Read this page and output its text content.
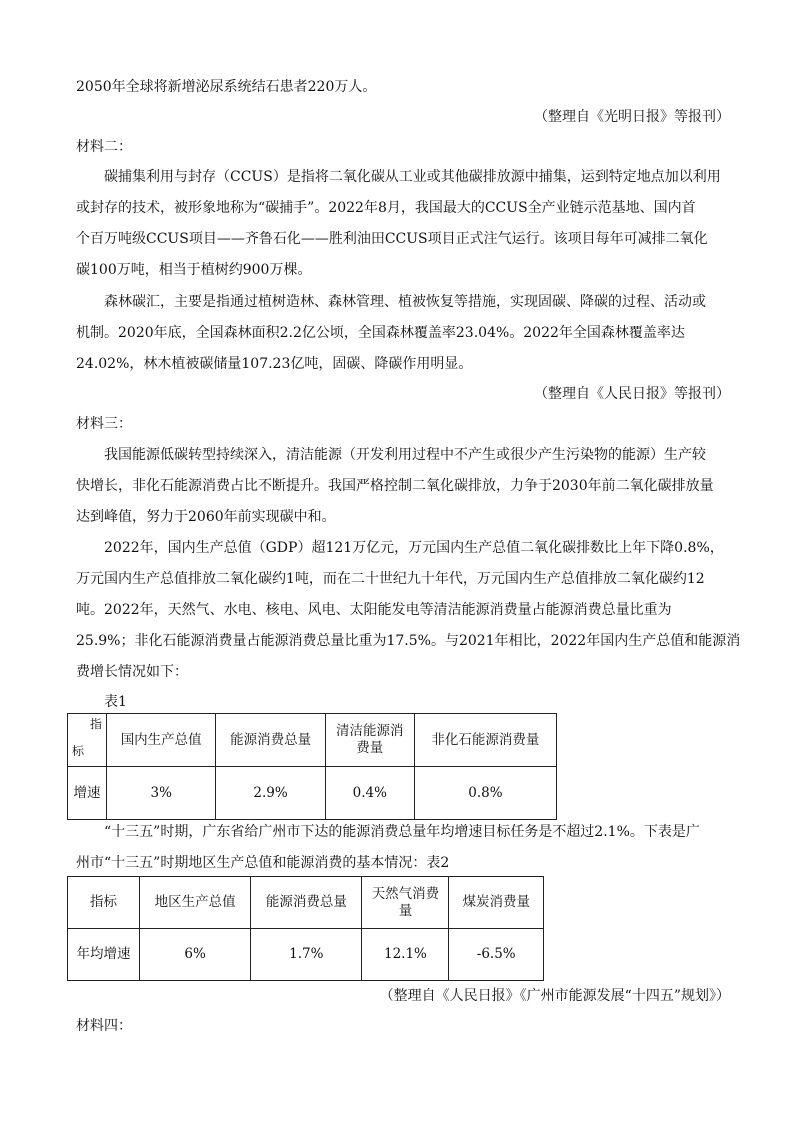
2050年全球将新增泌尿系统结石患者220万人。
（整理自《光明日报》等报刊）
材料二：
碳捕集利用与封存（CCUS）是指将二氧化碳从工业或其他碳排放源中捕集，运到特定地点加以利用
或封存的技术，被形象地称为“碳捕手”。2022年8月，我国最大的CCUS全产业链示范基地、国内首
个百万吨级CCUS项目——齐鲁石化——胜利油田CCUS项目正式注气运行。该项目每年可减排二氧化
碳100万吨，相当于植树约900万棵。
森林碳汇，主要是指通过植树造林、森林管理、植被恢复等措施，实现固碳、降碳的过程、活动或
机制。2020年底，全国森林面积2.2亿公顷，全国森林覆盖率23.04%。2022年全国森林覆盖率达
24.02%，林木植被碳储量107.23亿吨，固碳、降碳作用明显。
（整理自《人民日报》等报刊）
材料三：
我国能源低碳转型持续深入，清洁能源（开发利用过程中不产生或很少产生污染物的能源）生产较
快增长，非化石能源消费占比不断提升。我国严格控制二氧化碳排放，力争于2030年前二氧化碳排放量
达到峰值，努力于2060年前实现碳中和。
2022年，国内生产总值（GDP）超121万亿元，万元国内生产总值二氧化碳排数比上年下降0.8%，
万元国内生产总值排放二氧化碳约1吨，而在二十世纪九十年代，万元国内生产总值排放二氧化碳约12
吨。2022年，天然气、水电、核电、风电、太阳能发电等清洁能源消费量占能源消费总量比重为
25.9%；非化石能源消费量占能源消费总量比重为17.5%。与2021年相比，2022年国内生产总值和能源消
费增长情况如下：
表1
指
标	国内生产总值	能源消费总量	清洁能源消费量	非化石能源消费量
增速	3%	2.9%	0.4%	0.8%
“十三五”时期，广东省给广州市下达的能源消费总量年均增速目标任务是不超过2.1%。下表是广
州市“十三五”时期地区生产总值和能源消费的基本情况：表2
指标	地区生产总值	能源消费总量	天然气消费量	煤炭消费量
年均增速	6%	1.7%	12.1%	-6.5%
（整理自《人民日报》《广州市能源发展“十四五”规划》）
材料四：
